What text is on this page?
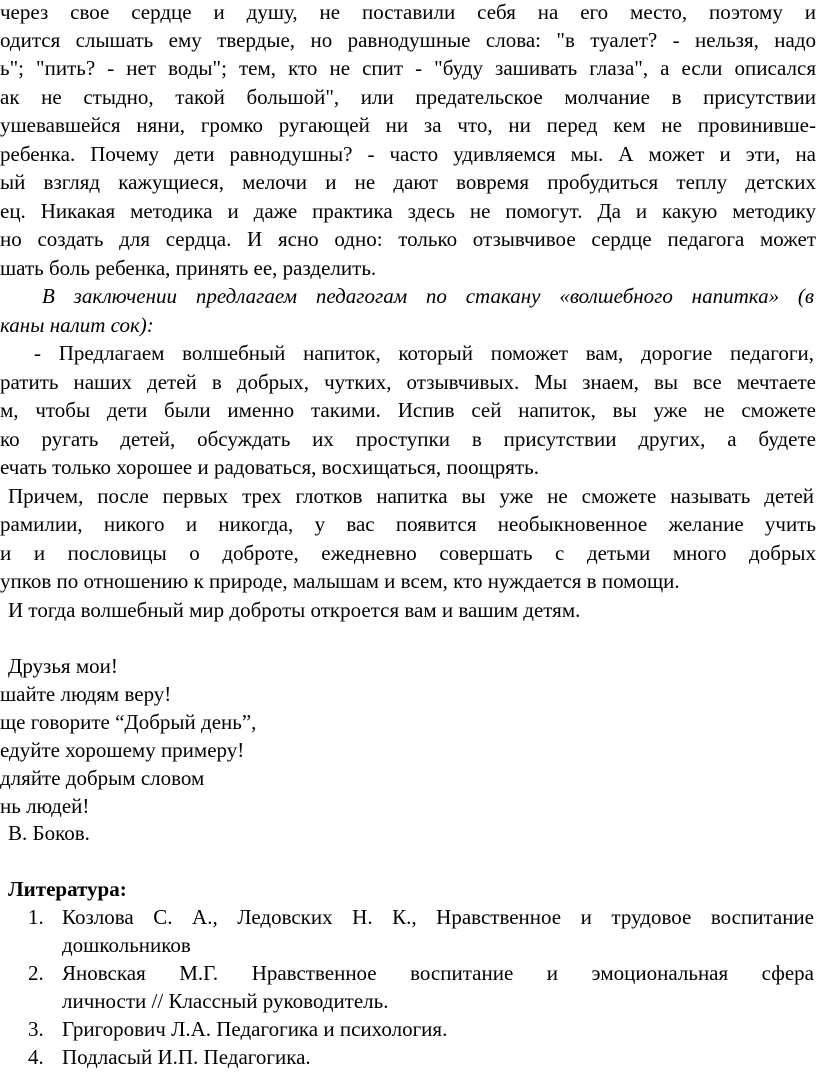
через свое сердце и душу, не поставили себя на его место, поэтому и
одится слышать ему твердые, но равнодушные слова: "в туалет? - нельзя, надо
ь"; "пить? - нет воды"; тем, кто не спит - "буду зашивать глаза", а если описался
ак не стыдно, такой большой", или предательское молчание в присутствии
ушевавшейся няни, громко ругающей ни за что, ни перед кем не провинивше-
ребенка. Почему дети равнодушны? - часто удивляемся мы. А может и эти, на
ый взгляд кажущиеся, мелочи и не дают вовремя пробудиться теплу детских
ец. Никакая методика и даже практика здесь не помогут. Да и какую методику
но создать для сердца. И ясно одно: только отзывчивое сердце педагога может
шать боль ребенка, принять ее, разделить.
В заключении предлагаем педагогам по стакану «волшебного напитка» (в
каны налит сок):
- Предлагаем волшебный напиток, который поможет вам, дорогие педагоги,
ратить наших детей в добрых, чутких, отзывчивых. Мы знаем, вы все мечтаете
м, чтобы дети были именно такими. Испив сей напиток, вы уже не сможете
ко ругать детей, обсуждать их проступки в присутствии других, а будете
ечать только хорошее и радоваться, восхищаться, поощрять.
Причем, после первых трех глотков напитка вы уже не сможете называть детей
рамилии, никого и никогда, у вас появится необыкновенное желание учить
и и пословицы о доброте, ежедневно совершать с детьми много добрых
упков по отношению к природе, малышам и всем, кто нуждается в помощи.
И тогда волшебный мир доброты откроется вам и вашим детям.
Друзья мои!
шайте людям веру!
ще говорите “Добрый день”,
едуйте хорошему примеру!
дляйте добрым словом
нь людей!
В. Боков.
Литература:
1. Козлова С. А., Ледовских Н. К., Нравственное и трудовое воспитание
дошкольников
2. Яновская М.Г. Нравственное воспитание и эмоциональная сфера
личности // Классный руководитель.
3. Григорович Л.А. Педагогика и психология.
4. Подласый И.П. Педагогика.
